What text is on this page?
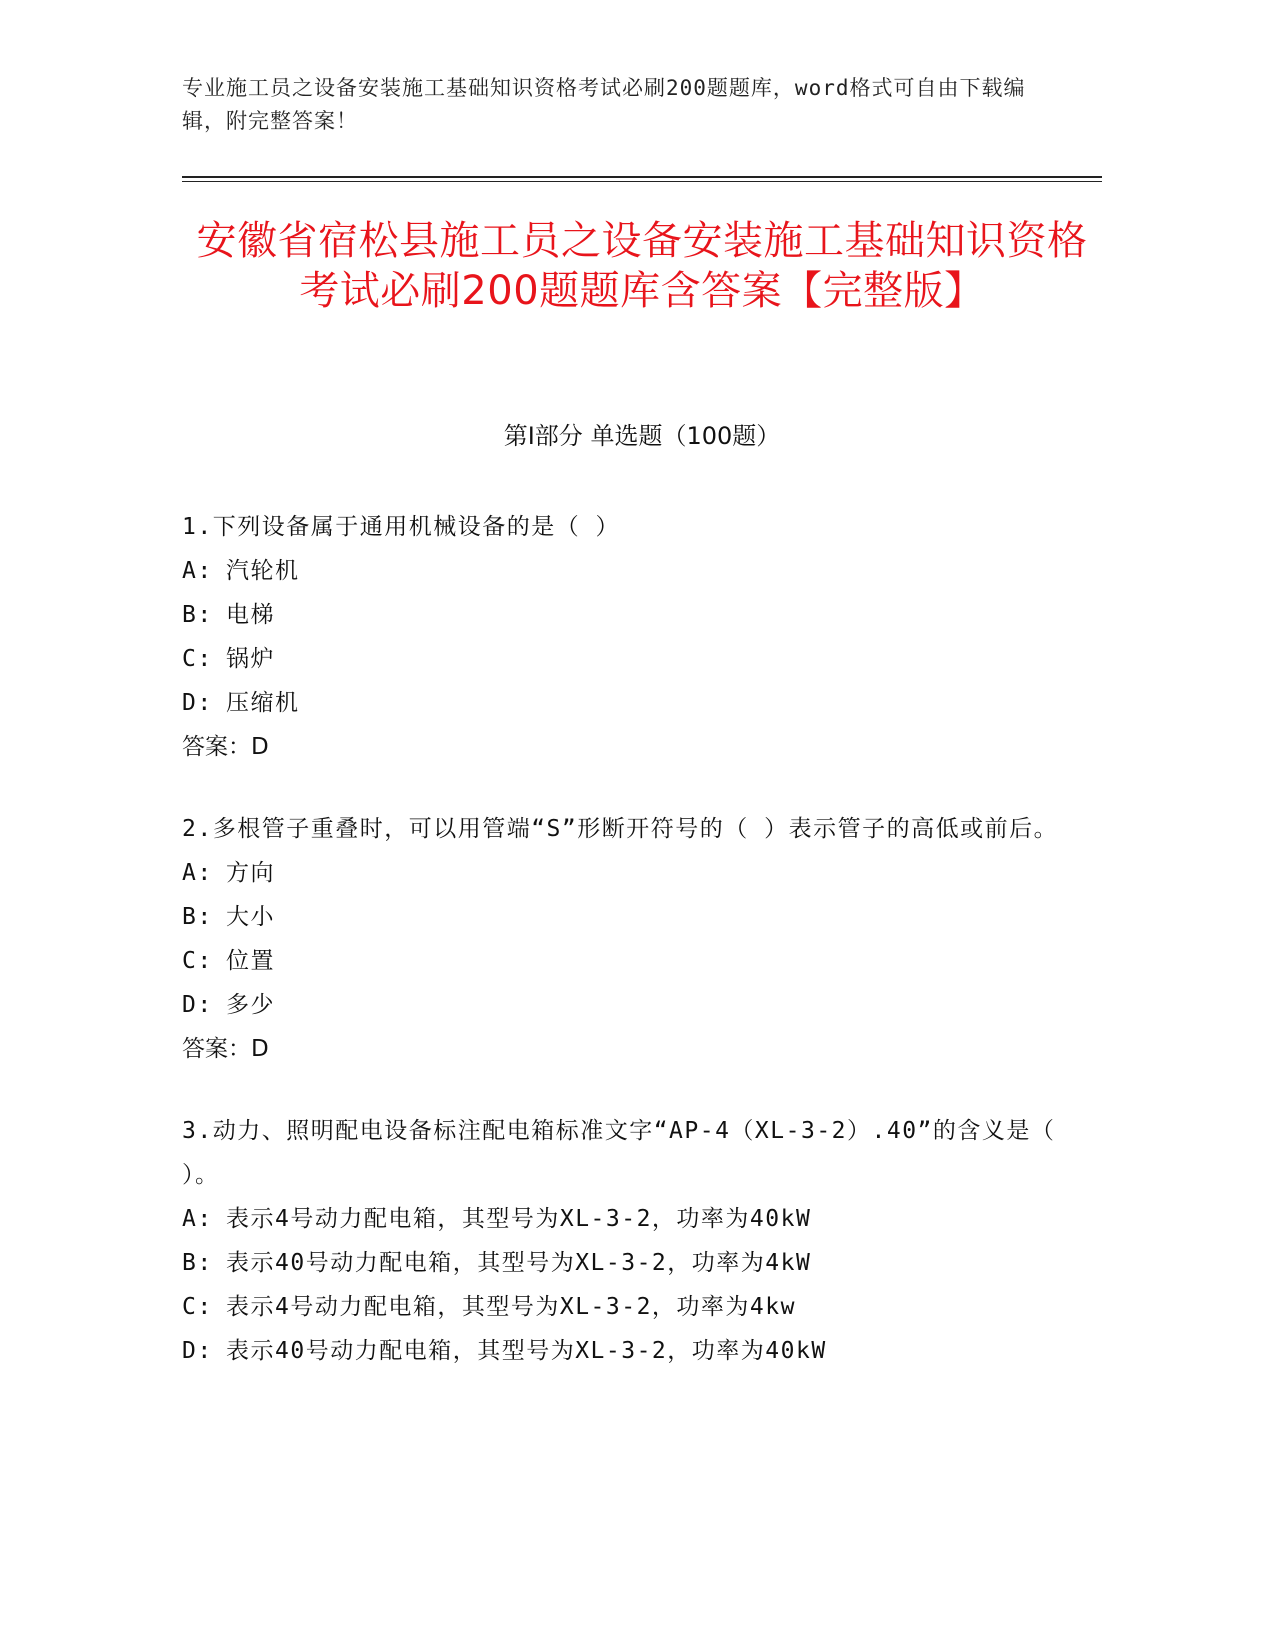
专业施工员之设备安装施工基础知识资格考试必刷200题题库，word格式可自由下载编辑，附完整答案！
安徽省宿松县施工员之设备安装施工基础知识资格考试必刷200题题库含答案【完整版】
第I部分 单选题（100题）

1.下列设备属于通用机械设备的是（ ）

A: 汽轮机

B: 电梯

C: 锅炉

D: 压缩机

答案：D

2.多根管子重叠时，可以用管端“S”形断开符号的（ ）表示管子的高低或前后。

A: 方向

B: 大小

C: 位置

D: 多少

答案：D

3.动力、照明配电设备标注配电箱标准文字“AP-4（XL-3-2）.40”的含义是（ ）。

A: 表示4号动力配电箱，其型号为XL-3-2，功率为40kW

B: 表示40号动力配电箱，其型号为XL-3-2，功率为4kW

C: 表示4号动力配电箱，其型号为XL-3-2，功率为4kw

D: 表示40号动力配电箱，其型号为XL-3-2，功率为40kW
